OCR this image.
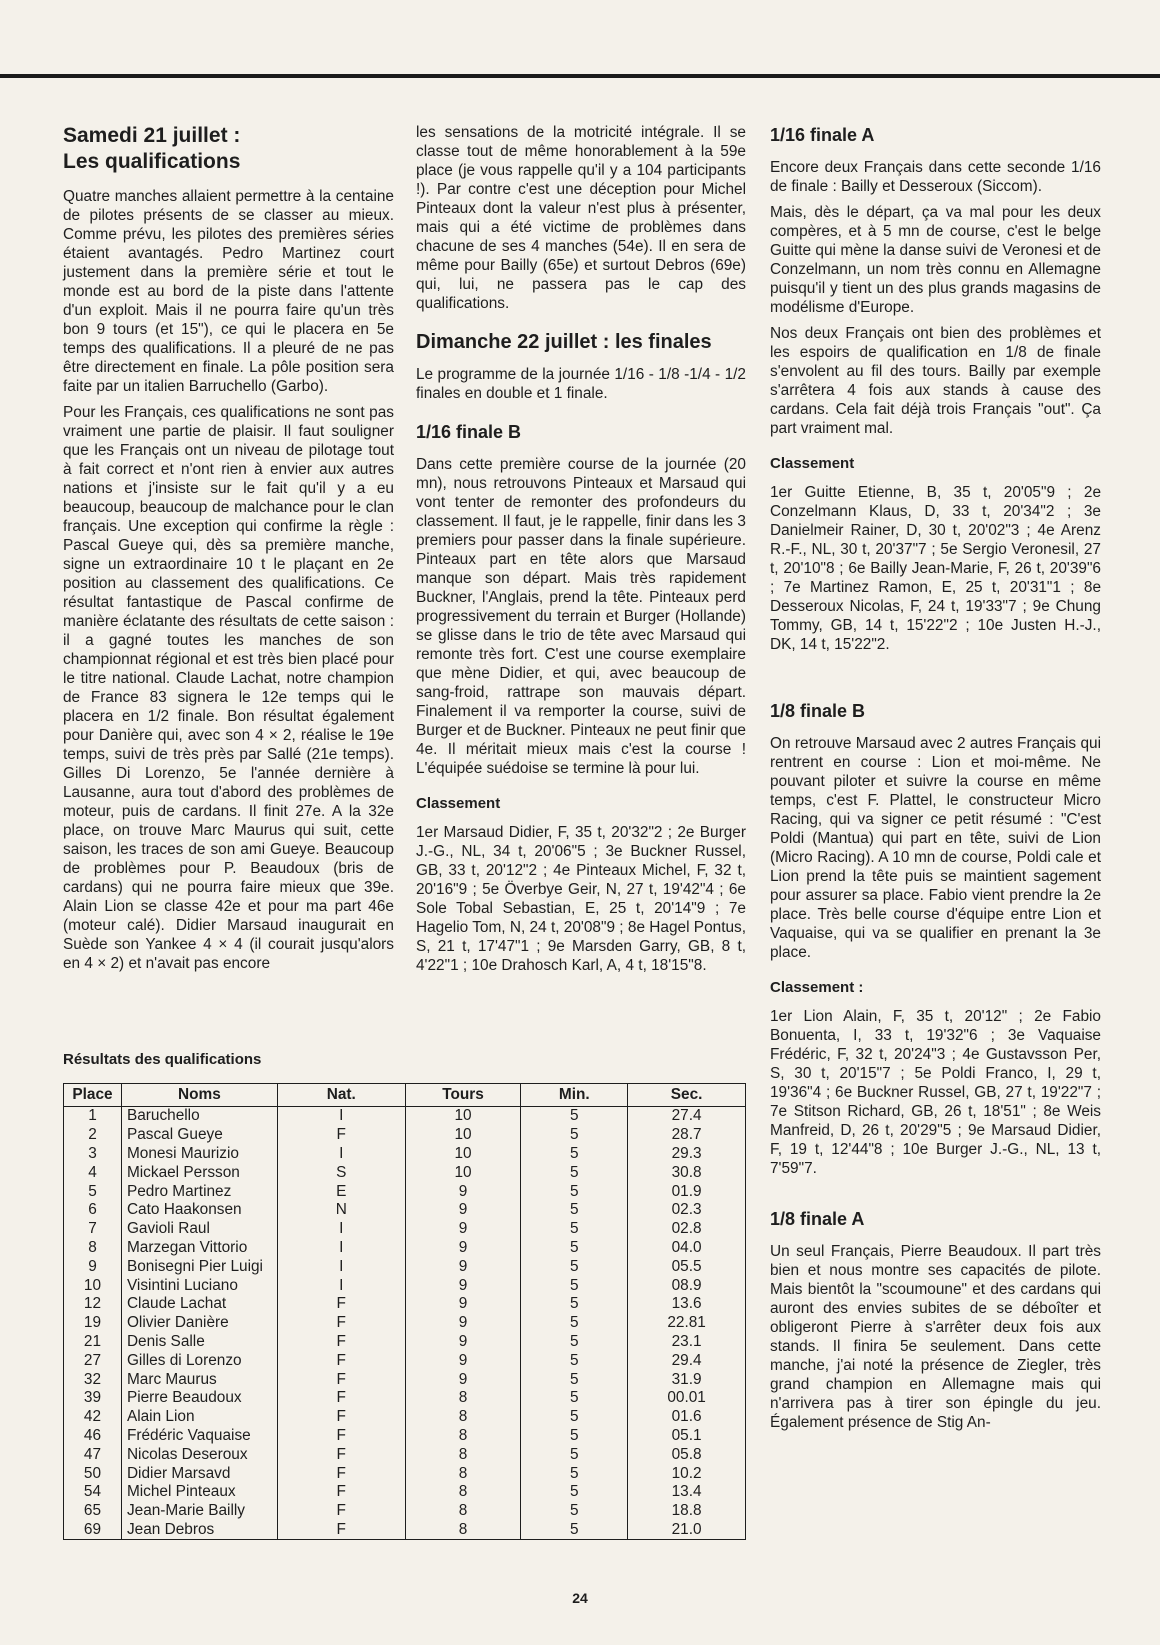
Samedi 21 juillet :
Les qualifications

Quatre manches allaient permettre à la centaine de pilotes présents de se classer au mieux. Comme prévu, les pilotes des premières séries étaient avantagés. Pedro Martinez court justement dans la première série et tout le monde est au bord de la piste dans l'attente d'un exploit. Mais il ne pourra faire qu'un très bon 9 tours (et 15"), ce qui le placera en 5e temps des qualifications. Il a pleuré de ne pas être directement en finale. La pôle position sera faite par un italien Barruchello (Garbo).

Pour les Français, ces qualifications ne sont pas vraiment une partie de plaisir. Il faut souligner que les Français ont un niveau de pilotage tout à fait correct et n'ont rien à envier aux autres nations et j'insiste sur le fait qu'il y a eu beaucoup, beaucoup de malchance pour le clan français. Une exception qui confirme la règle : Pascal Gueye qui, dès sa première manche, signe un extraordinaire 10 t le plaçant en 2e position au classement des qualifications. Ce résultat fantastique de Pascal confirme de manière éclatante des résultats de cette saison : il a gagné toutes les manches de son championnat régional et est très bien placé pour le titre national. Claude Lachat, notre champion de France 83 signera le 12e temps qui le placera en 1/2 finale. Bon résultat également pour Danière qui, avec son 4 × 2, réalise le 19e temps, suivi de très près par Sallé (21e temps). Gilles Di Lorenzo, 5e l'année dernière à Lausanne, aura tout d'abord des problèmes de moteur, puis de cardans. Il finit 27e. A la 32e place, on trouve Marc Maurus qui suit, cette saison, les traces de son ami Gueye. Beaucoup de problèmes pour P. Beaudoux (bris de cardans) qui ne pourra faire mieux que 39e. Alain Lion se classe 42e et pour ma part 46e (moteur calé). Didier Marsaud inaugurait en Suède son Yankee 4 × 4 (il courait jusqu'alors en 4 × 2) et n'avait pas encore

les sensations de la motricité intégrale. Il se classe tout de même honorablement à la 59e place (je vous rappelle qu'il y a 104 participants !). Par contre c'est une déception pour Michel Pinteaux dont la valeur n'est plus à présenter, mais qui a été victime de problèmes dans chacune de ses 4 manches (54e). Il en sera de même pour Bailly (65e) et surtout Debros (69e) qui, lui, ne passera pas le cap des qualifications.

Dimanche 22 juillet : les finales

Le programme de la journée 1/16 - 1/8 -1/4 - 1/2 finales en double et 1 finale.

1/16 finale B

Dans cette première course de la journée (20 mn), nous retrouvons Pinteaux et Marsaud qui vont tenter de remonter des profondeurs du classement. Il faut, je le rappelle, finir dans les 3 premiers pour passer dans la finale supérieure. Pinteaux part en tête alors que Marsaud manque son départ. Mais très rapidement Buckner, l'Anglais, prend la tête. Pinteaux perd progressivement du terrain et Burger (Hollande) se glisse dans le trio de tête avec Marsaud qui remonte très fort. C'est une course exemplaire que mène Didier, et qui, avec beaucoup de sang-froid, rattrape son mauvais départ. Finalement il va remporter la course, suivi de Burger et de Buckner. Pinteaux ne peut finir que 4e. Il méritait mieux mais c'est la course ! L'équipée suédoise se termine là pour lui.

Classement

1er Marsaud Didier, F, 35 t, 20'32"2 ; 2e Burger J.-G., NL, 34 t, 20'06"5 ; 3e Buckner Russel, GB, 33 t, 20'12"2 ; 4e Pinteaux Michel, F, 32 t, 20'16"9 ; 5e Överbye Geir, N, 27 t, 19'42"4 ; 6e Sole Tobal Sebastian, E, 25 t, 20'14"9 ; 7e Hagelio Tom, N, 24 t, 20'08"9 ; 8e Hagel Pontus, S, 21 t, 17'47"1 ; 9e Marsden Garry, GB, 8 t, 4'22"1 ; 10e Drahosch Karl, A, 4 t, 18'15"8.

1/16 finale A

Encore deux Français dans cette seconde 1/16 de finale : Bailly et Desseroux (Siccom).

Mais, dès le départ, ça va mal pour les deux compères, et à 5 mn de course, c'est le belge Guitte qui mène la danse suivi de Veronesi et de Conzelmann, un nom très connu en Allemagne puisqu'il y tient un des plus grands magasins de modélisme d'Europe.

Nos deux Français ont bien des problèmes et les espoirs de qualification en 1/8 de finale s'envolent au fil des tours. Bailly par exemple s'arrêtera 4 fois aux stands à cause des cardans. Cela fait déjà trois Français "out". Ça part vraiment mal.

Classement

1er Guitte Etienne, B, 35 t, 20'05"9 ; 2e Conzelmann Klaus, D, 33 t, 20'34"2 ; 3e Danielmeir Rainer, D, 30 t, 20'02"3 ; 4e Arenz R.-F., NL, 30 t, 20'37"7 ; 5e Sergio Veronesil, 27 t, 20'10"8 ; 6e Bailly Jean-Marie, F, 26 t, 20'39"6 ; 7e Martinez Ramon, E, 25 t, 20'31"1 ; 8e Desseroux Nicolas, F, 24 t, 19'33"7 ; 9e Chung Tommy, GB, 14 t, 15'22"2 ; 10e Justen H.-J., DK, 14 t, 15'22"2.

1/8 finale B

On retrouve Marsaud avec 2 autres Français qui rentrent en course : Lion et moi-même. Ne pouvant piloter et suivre la course en même temps, c'est F. Plattel, le constructeur Micro Racing, qui va signer ce petit résumé : "C'est Poldi (Mantua) qui part en tête, suivi de Lion (Micro Racing). A 10 mn de course, Poldi cale et Lion prend la tête puis se maintient sagement pour assurer sa place. Fabio vient prendre la 2e place. Très belle course d'équipe entre Lion et Vaquaise, qui va se qualifier en prenant la 3e place.

Classement :

1er Lion Alain, F, 35 t, 20'12" ; 2e Fabio Bonuenta, I, 33 t, 19'32"6 ; 3e Vaquaise Frédéric, F, 32 t, 20'24"3 ; 4e Gustavsson Per, S, 30 t, 20'15"7 ; 5e Poldi Franco, I, 29 t, 19'36"4 ; 6e Buckner Russel, GB, 27 t, 19'22"7 ; 7e Stitson Richard, GB, 26 t, 18'51" ; 8e Weis Manfreid, D, 26 t, 20'29"5 ; 9e Marsaud Didier, F, 19 t, 12'44"8 ; 10e Burger J.-G., NL, 13 t, 7'59"7.

1/8 finale A

Un seul Français, Pierre Beaudoux. Il part très bien et nous montre ses capacités de pilote. Mais bientôt la "scoumoune" et des cardans qui auront des envies subites de se déboîter et obligeront Pierre à s'arrêter deux fois aux stands. Il finira 5e seulement. Dans cette manche, j'ai noté la présence de Ziegler, très grand champion en Allemagne mais qui n'arrivera pas à tirer son épingle du jeu. Également présence de Stig An-

Résultats des qualifications
Place	Noms	Nat.	Tours	Min.	Sec.
1	Baruchello	I	10	5	27.4
2	Pascal Gueye	F	10	5	28.7
3	Monesi Maurizio	I	10	5	29.3
4	Mickael Persson	S	10	5	30.8
5	Pedro Martinez	E	9	5	01.9
6	Cato Haakonsen	N	9	5	02.3
7	Gavioli Raul	I	9	5	02.8
8	Marzegan Vittorio	I	9	5	04.0
9	Bonisegni Pier Luigi	I	9	5	05.5
10	Visintini Luciano	I	9	5	08.9
12	Claude Lachat	F	9	5	13.6
19	Olivier Danière	F	9	5	22.81
21	Denis Salle	F	9	5	23.1
27	Gilles di Lorenzo	F	9	5	29.4
32	Marc Maurus	F	9	5	31.9
39	Pierre Beaudoux	F	8	5	00.01
42	Alain Lion	F	8	5	01.6
46	Frédéric Vaquaise	F	8	5	05.1
47	Nicolas Deseroux	F	8	5	05.8
50	Didier Marsavd	F	8	5	10.2
54	Michel Pinteaux	F	8	5	13.4
65	Jean-Marie Bailly	F	8	5	18.8
69	Jean Debros	F	8	5	21.0
24
